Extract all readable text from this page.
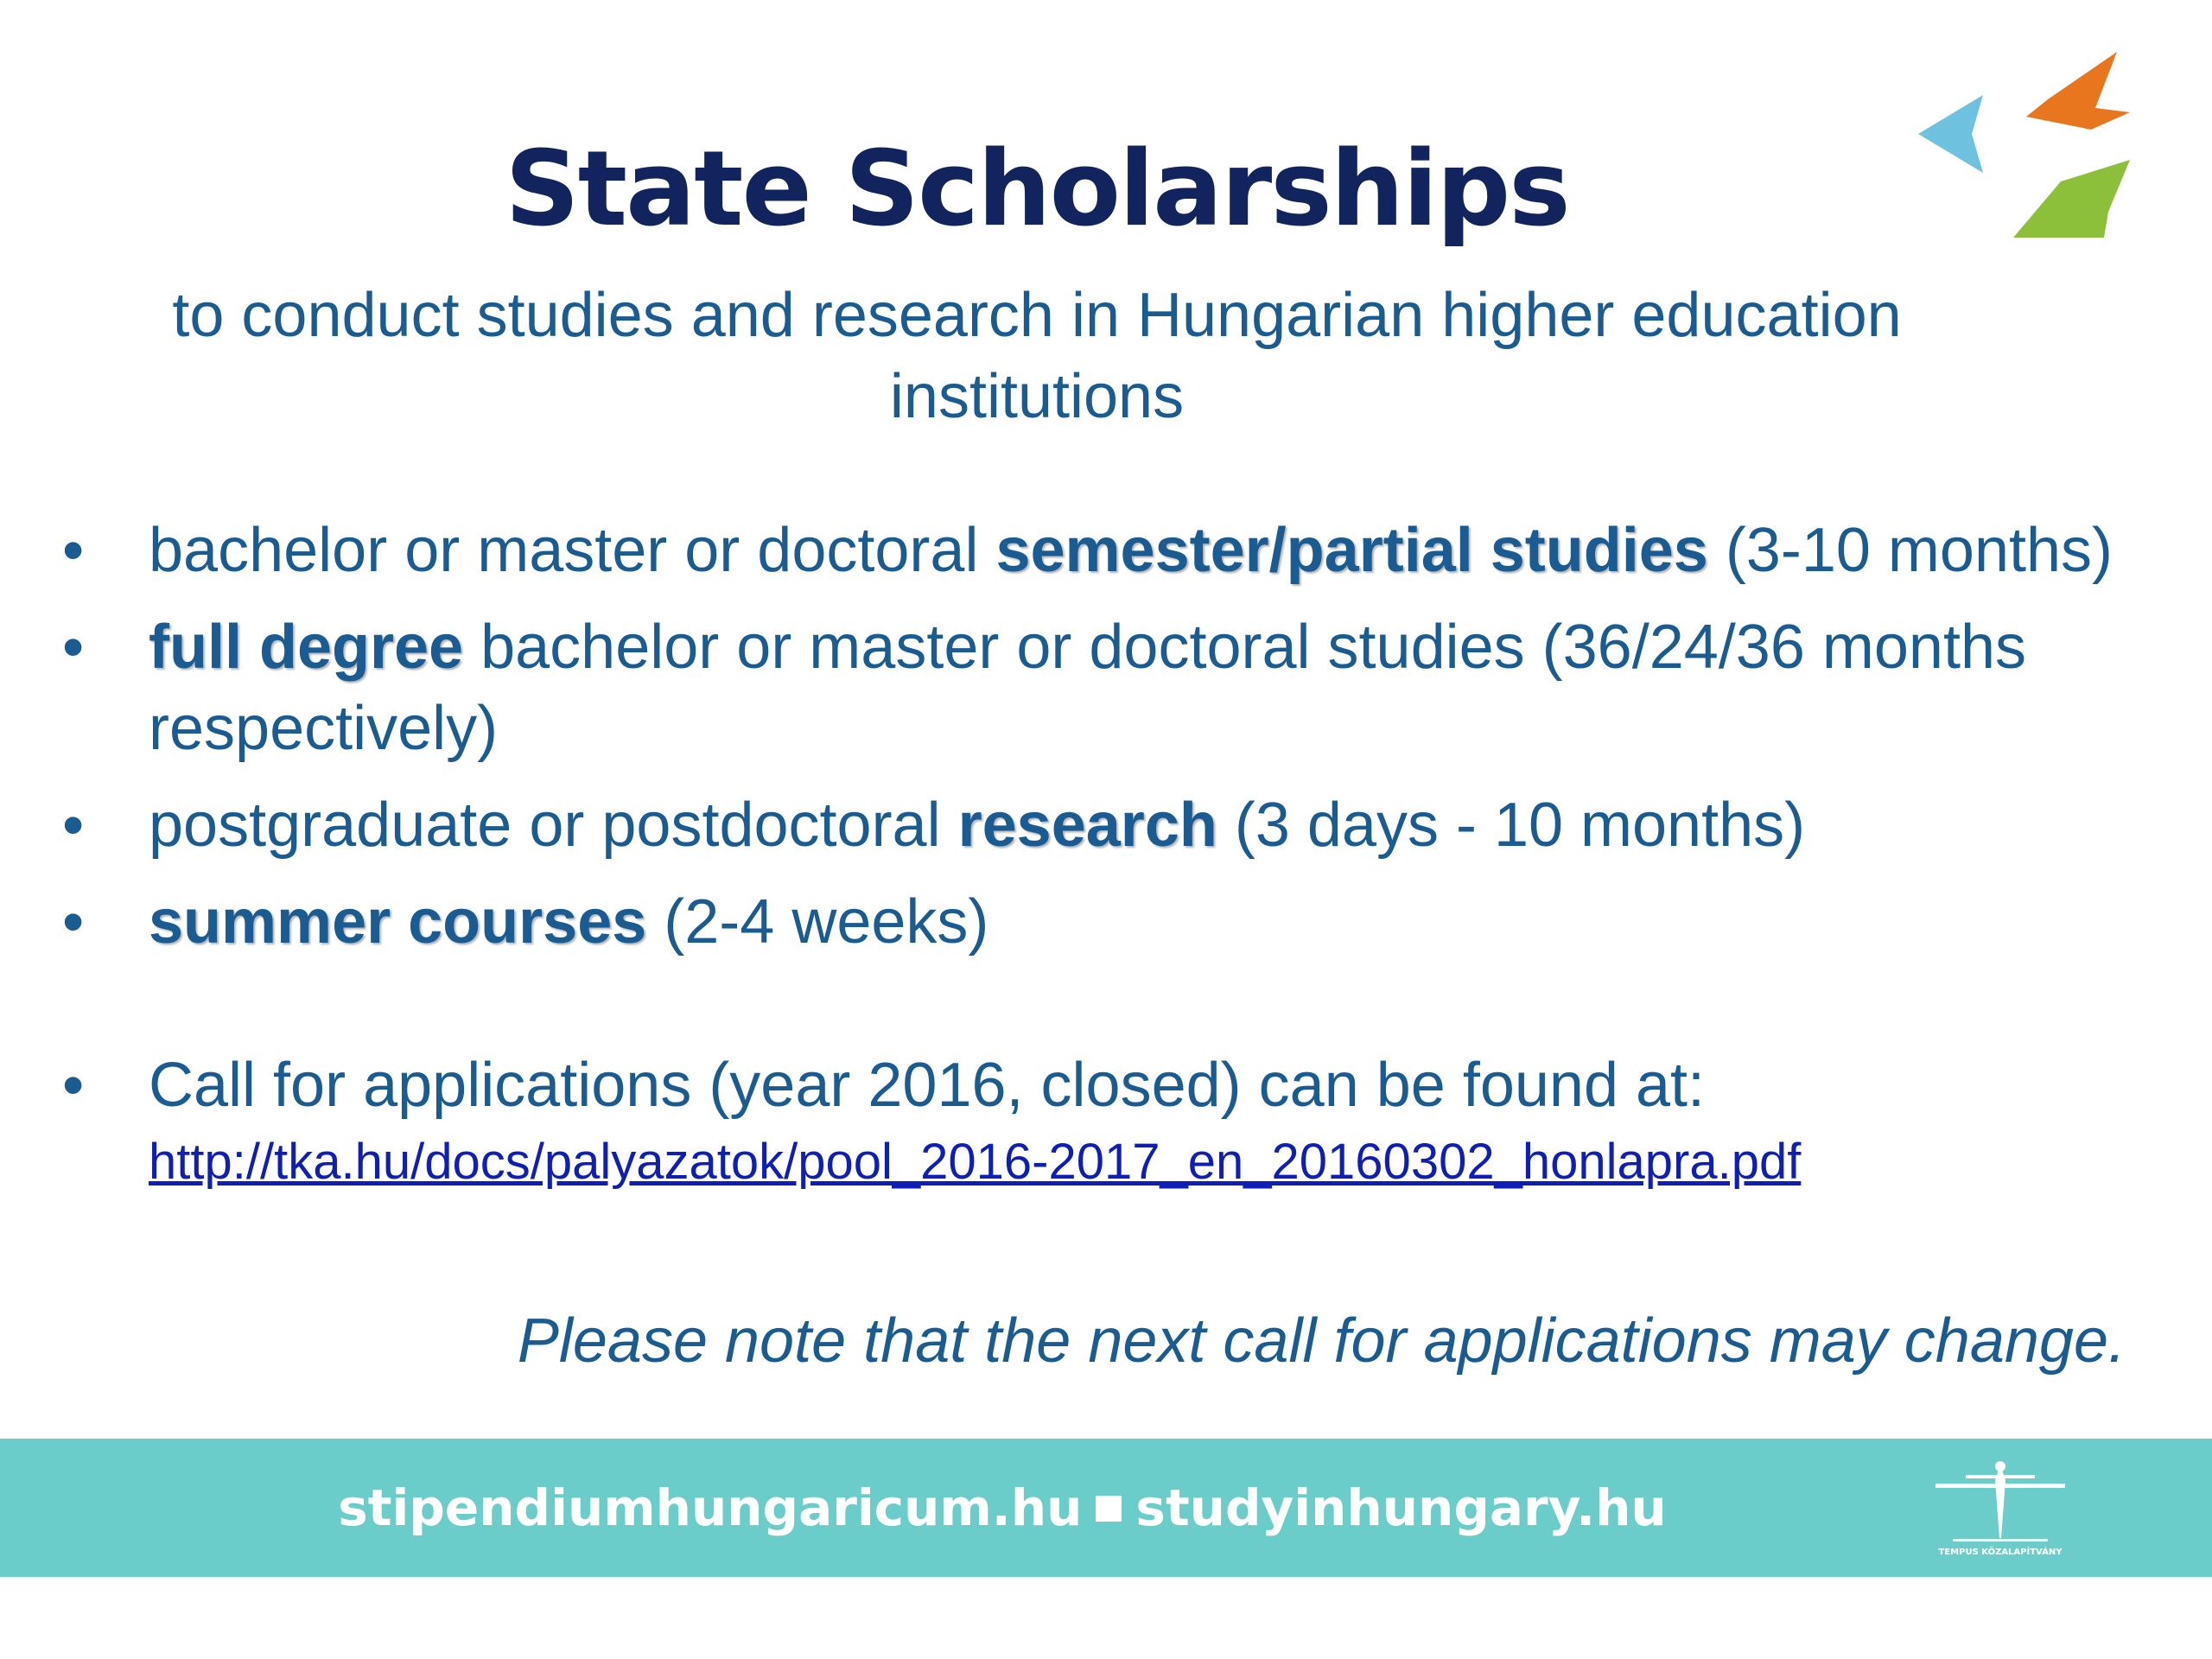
State Scholarships

to conduct studies and research in Hungarian higher education institutions

• bachelor or master or doctoral semester/partial studies (3-10 months)
• full degree bachelor or master or doctoral studies (36/24/36 months respectively)
• postgraduate or postdoctoral research (3 days - 10 months)
• summer courses (2-4 weeks)
• Call for applications (year 2016, closed) can be found at:
http://tka.hu/docs/palyazatok/pool_2016-2017_en_20160302_honlapra.pdf

Please note that the next call for applications may change.

stipendiumhungaricum.hu studyinhungary.hu
TEMPUS KÖZALAPÍTVÁNY
